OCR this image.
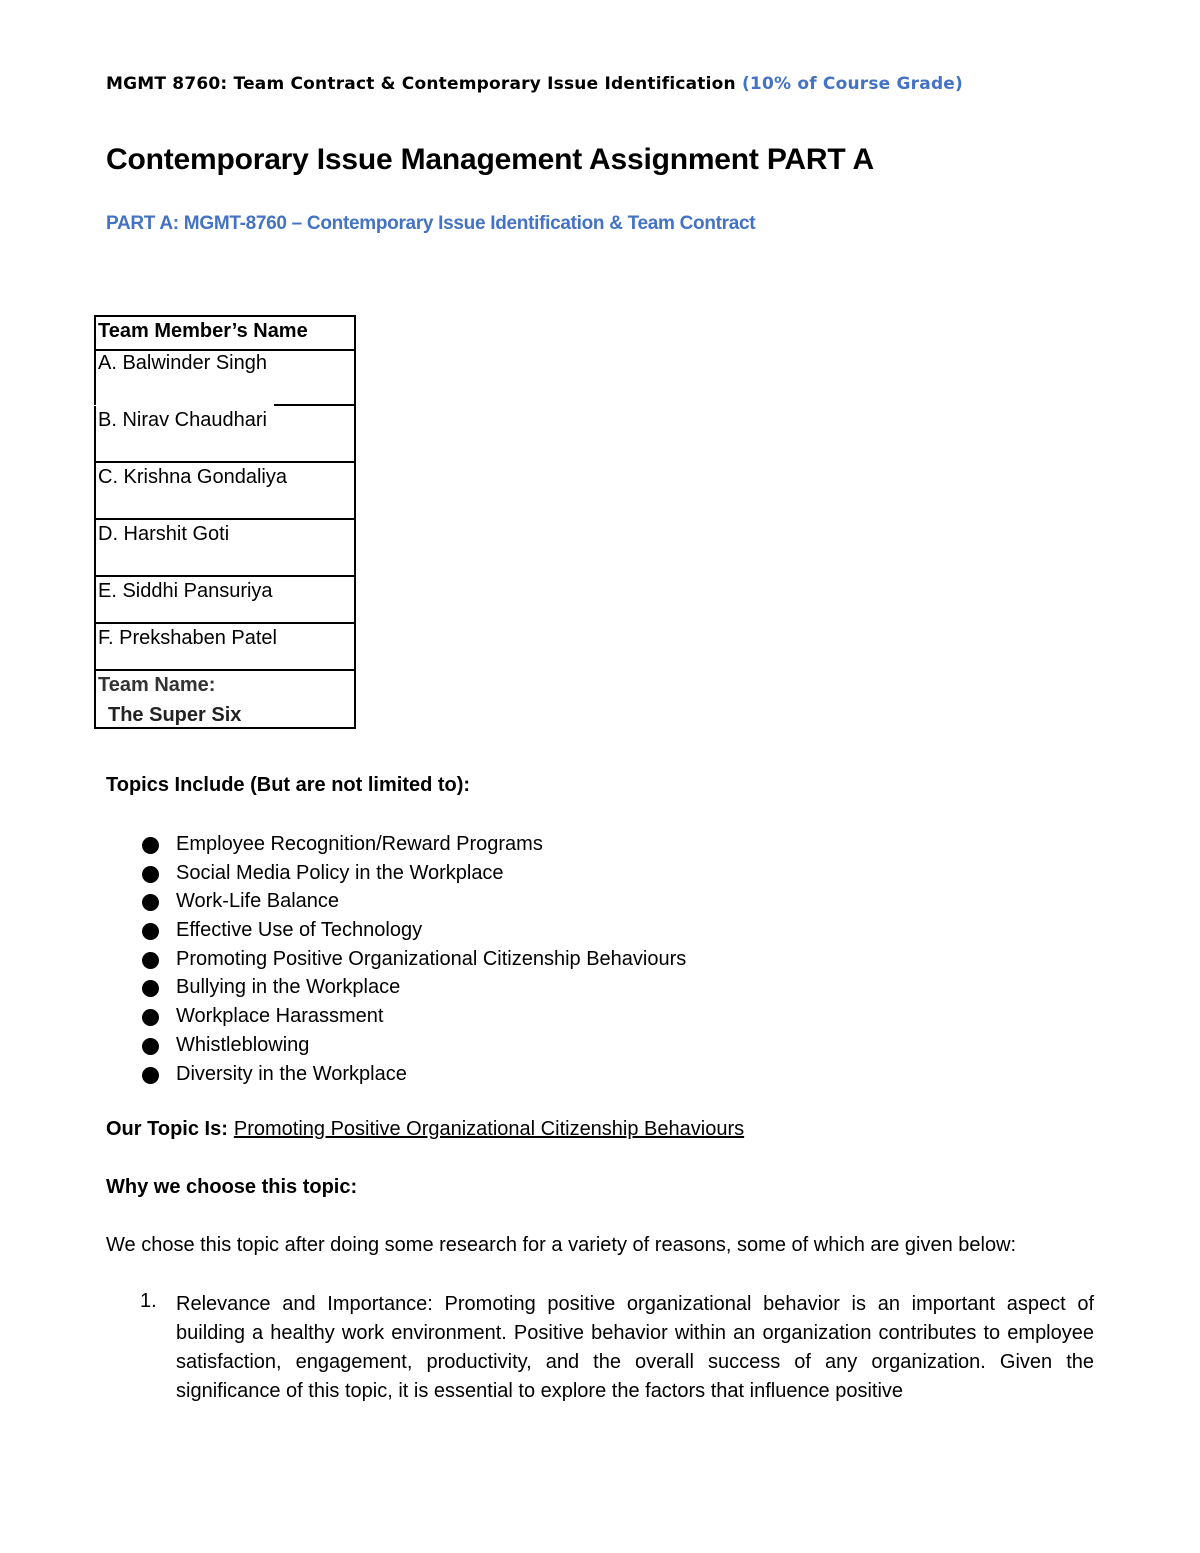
MGMT 8760: Team Contract & Contemporary Issue Identification (10% of Course Grade)
Contemporary Issue Management Assignment PART A
PART A: MGMT-8760 – Contemporary Issue Identification & Team Contract
Team Member’s Name
A. Balwinder Singh
B. Nirav Chaudhari
C. Krishna Gondaliya
D. Harshit Goti
E. Siddhi Pansuriya
F. Prekshaben Patel
Team Name:
The Super Six
Topics Include (But are not limited to):
Employee Recognition/Reward Programs
Social Media Policy in the Workplace
Work-Life Balance
Effective Use of Technology
Promoting Positive Organizational Citizenship Behaviours
Bullying in the Workplace
Workplace Harassment
Whistleblowing
Diversity in the Workplace
Our Topic Is: Promoting Positive Organizational Citizenship Behaviours
Why we choose this topic:
We chose this topic after doing some research for a variety of reasons, some of which are given below:
1. Relevance and Importance: Promoting positive organizational behavior is an important aspect of building a healthy work environment. Positive behavior within an organization contributes to employee satisfaction, engagement, productivity, and the overall success of any organization. Given the significance of this topic, it is essential to explore the factors that influence positive
